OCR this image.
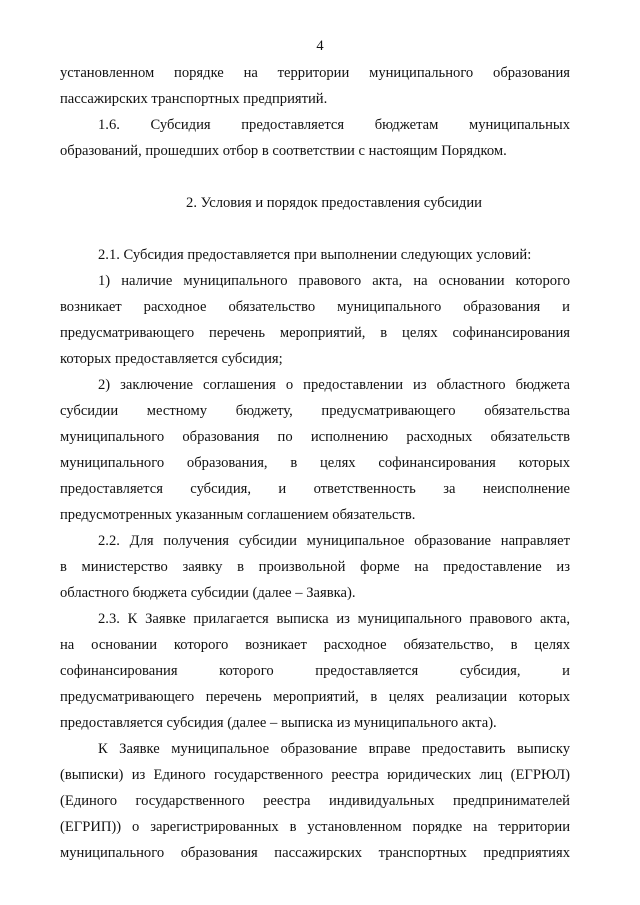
4
установленном порядке на территории муниципального образования
пассажирских транспортных предприятий.
1.6. Субсидия предоставляется бюджетам муниципальных
образований, прошедших отбор в соответствии с настоящим Порядком.
2. Условия и порядок предоставления субсидии
2.1. Субсидия предоставляется при выполнении следующих условий:
1) наличие муниципального правового акта, на основании которого
возникает расходное обязательство муниципального образования и
предусматривающего перечень мероприятий, в целях софинансирования
которых предоставляется субсидия;
2) заключение соглашения о предоставлении из областного бюджета
субсидии местному бюджету, предусматривающего обязательства
муниципального образования по исполнению расходных обязательств
муниципального образования, в целях софинансирования которых
предоставляется субсидия, и ответственность за неисполнение
предусмотренных указанным соглашением обязательств.
2.2. Для получения субсидии муниципальное образование направляет
в министерство заявку в произвольной форме на предоставление из
областного бюджета субсидии (далее – Заявка).
2.3. К Заявке прилагается выписка из муниципального правового акта,
на основании которого возникает расходное обязательство, в целях
софинансирования которого предоставляется субсидия, и
предусматривающего перечень мероприятий, в целях реализации которых
предоставляется субсидия (далее – выписка из муниципального акта).
К Заявке муниципальное образование вправе предоставить выписку
(выписки) из Единого государственного реестра юридических лиц (ЕГРЮЛ)
(Единого государственного реестра индивидуальных предпринимателей
(ЕГРИП)) о зарегистрированных в установленном порядке на территории
муниципального образования пассажирских транспортных предприятиях
